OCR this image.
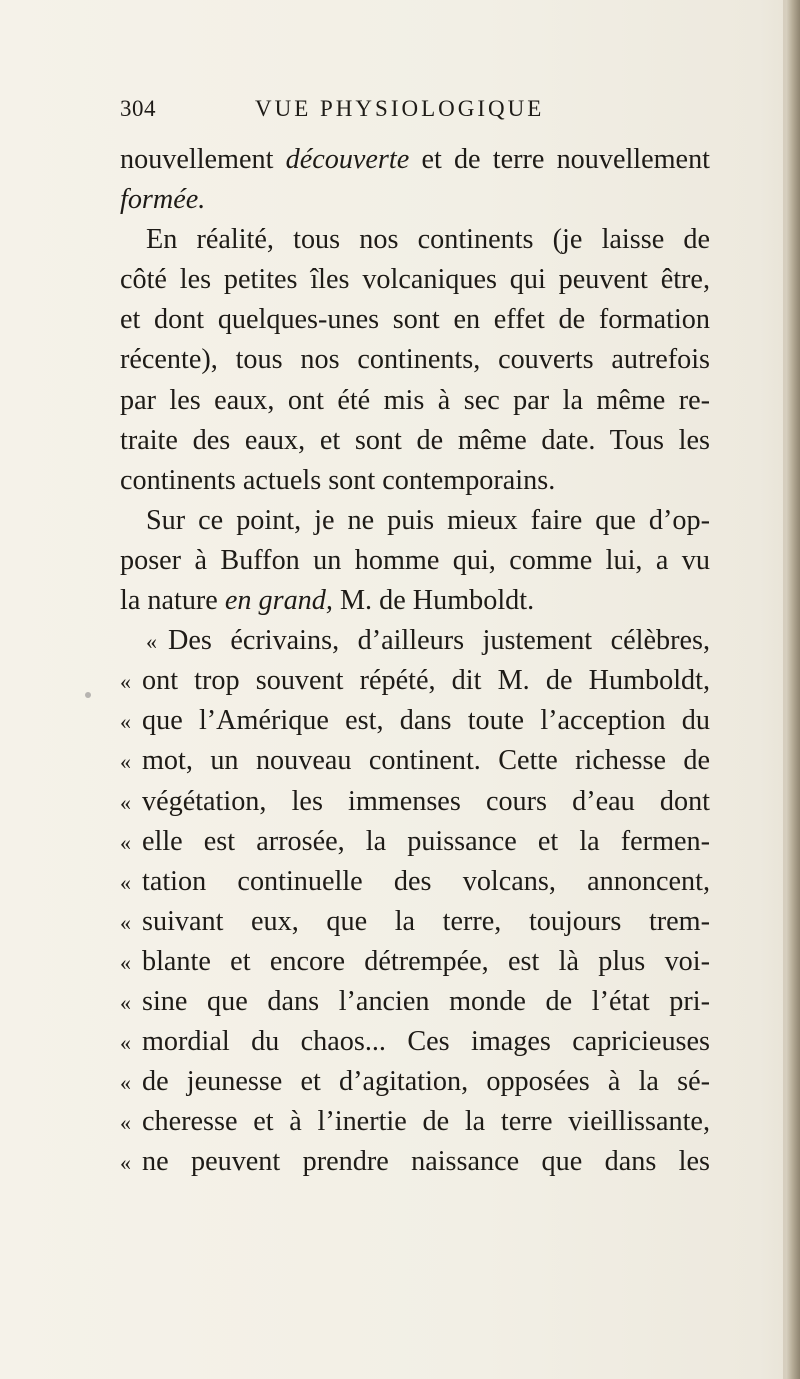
304	VUE PHYSIOLOGIQUE
nouvellement découverte et de terre nouvellement
formée.
En réalité, tous nos continents (je laisse de
côté les petites îles volcaniques qui peuvent être,
et dont quelques-unes sont en effet de formation
récente), tous nos continents, couverts autrefois
par les eaux, ont été mis à sec par la même re-
traite des eaux, et sont de même date. Tous les
continents actuels sont contemporains.
Sur ce point, je ne puis mieux faire que d’op-
poser à Buffon un homme qui, comme lui, a vu
la nature en grand, M. de Humboldt.
« Des écrivains, d’ailleurs justement célèbres,
« ont trop souvent répété, dit M. de Humboldt,
« que l’Amérique est, dans toute l’acception du
« mot, un nouveau continent. Cette richesse de
« végétation, les immenses cours d’eau dont
« elle est arrosée, la puissance et la fermen-
« tation continuelle des volcans, annoncent,
« suivant eux, que la terre, toujours trem-
« blante et encore détrempée, est là plus voi-
« sine que dans l’ancien monde de l’état pri-
« mordial du chaos... Ces images capricieuses
« de jeunesse et d’agitation, opposées à la sé-
« cheresse et à l’inertie de la terre vieillissante,
« ne peuvent prendre naissance que dans les
